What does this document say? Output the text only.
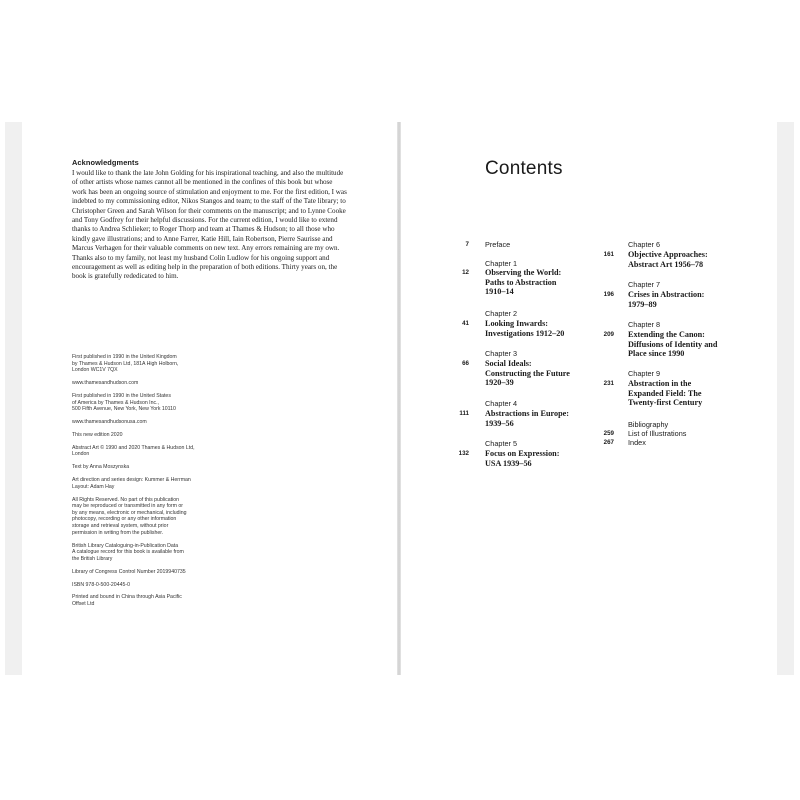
Acknowledgments
I would like to thank the late John Golding for his inspirational teaching, and also the multitude of other artists whose names cannot all be mentioned in the confines of this book but whose work has been an ongoing source of stimulation and enjoyment to me. For the first edition, I was indebted to my commissioning editor, Nikos Stangos and team; to the staff of the Tate library; to Christopher Green and Sarah Wilson for their comments on the manuscript; and to Lynne Cooke and Tony Godfrey for their helpful discussions. For the current edition, I would like to extend thanks to Andrea Schlieker; to Roger Thorp and team at Thames & Hudson; to all those who kindly gave illustrations; and to Anne Farrer, Katie Hill, Iain Robertson, Pierre Saurisse and Marcus Verhagen for their valuable comments on new text. Any errors remaining are my own. Thanks also to my family, not least my husband Colin Ludlow for his ongoing support and encouragement as well as editing help in the preparation of both editions. Thirty years on, the book is gratefully rededicated to him.

First published in 1990 in the United Kingdom
by Thames & Hudson Ltd, 181A High Holborn,
London WC1V 7QX

www.thamesandhudson.com

First published in 1990 in the United States
of America by Thames & Hudson Inc.,
500 Fifth Avenue, New York, New York 10110

www.thamesandhudsonusa.com

This new edition 2020

Abstract Art © 1990 and 2020 Thames & Hudson Ltd,
London

Text by Anna Moszynska

Art direction and series design: Kummer & Herrman
Layout: Adam Hay

All Rights Reserved. No part of this publication
may be reproduced or transmitted in any form or
by any means, electronic or mechanical, including
photocopy, recording or any other information
storage and retrieval system, without prior
permission in writing from the publisher.

British Library Cataloguing-in-Publication Data
A catalogue record for this book is available from
the British Library

Library of Congress Control Number 2019940735

ISBN 978-0-500-20445-0

Printed and bound in China through Asia Pacific
Offset Ltd

Contents
7 Preface
Chapter 1
12 Observing the World:
Paths to Abstraction
1910–14
Chapter 2
41 Looking Inwards:
Investigations 1912–20
Chapter 3
66 Social Ideals:
Constructing the Future
1920–39
Chapter 4
111 Abstractions in Europe:
1939–56
Chapter 5
132 Focus on Expression:
USA 1939–56
Chapter 6
161 Objective Approaches:
Abstract Art 1956–78
Chapter 7
196 Crises in Abstraction:
1979–89
Chapter 8
209 Extending the Canon:
Diffusions of Identity and
Place since 1990
Chapter 9
231 Abstraction in the
Expanded Field: The
Twenty-first Century
Bibliography
259 List of Illustrations
267 Index
